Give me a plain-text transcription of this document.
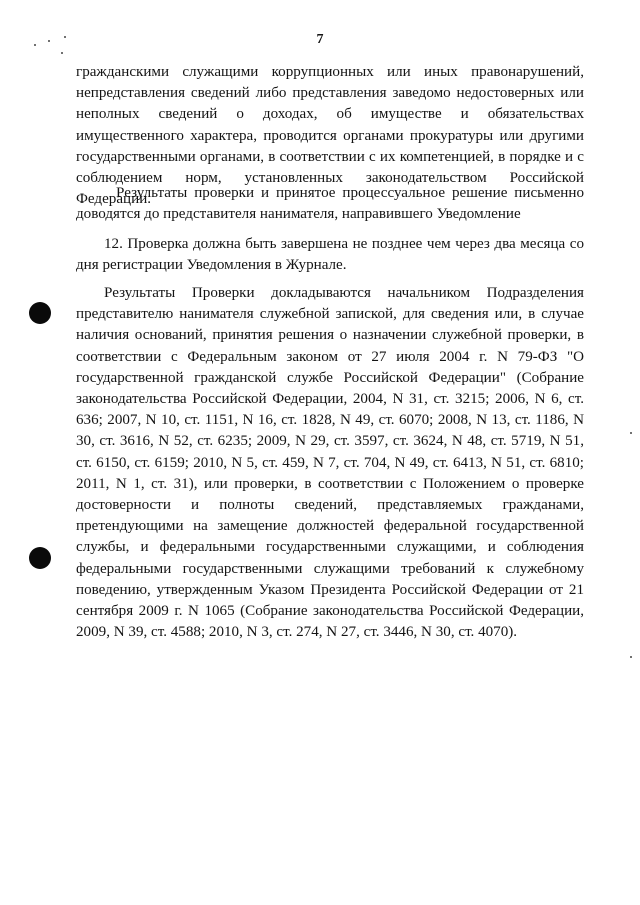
7

гражданскими служащими коррупционных или иных правонарушений, непредставления сведений либо представления заведомо недостоверных или неполных сведений о доходах, об имуществе и обязательствах имущественного характера, проводится органами прокуратуры или другими государственными органами, в соответствии с их компетенцией, в порядке и с соблюдением норм, установленных законодательством Российской Федерации.

Результаты проверки и принятое процессуальное решение письменно доводятся до представителя нанимателя, направившего Уведомление

12. Проверка должна быть завершена не позднее чем через два месяца со дня регистрации Уведомления в Журнале.

Результаты Проверки докладываются начальником Подразделения представителю нанимателя служебной запиской, для сведения или, в случае наличия оснований, принятия решения о назначении служебной проверки, в соответствии с Федеральным законом от 27 июля 2004 г. N 79-ФЗ "О государственной гражданской службе Российской Федерации" (Собрание законодательства Российской Федерации, 2004, N 31, ст. 3215; 2006, N 6, ст. 636; 2007, N 10, ст. 1151, N 16, ст. 1828, N 49, ст. 6070; 2008, N 13, ст. 1186, N 30, ст. 3616, N 52, ст. 6235; 2009, N 29, ст. 3597, ст. 3624, N 48, ст. 5719, N 51, ст. 6150, ст. 6159; 2010, N 5, ст. 459, N 7, ст. 704, N 49, ст. 6413, N 51, ст. 6810; 2011, N 1, ст. 31), или проверки, в соответствии с Положением о проверке достоверности и полноты сведений, представляемых гражданами, претендующими на замещение должностей федеральной государственной службы, и федеральными государственными служащими, и соблюдения федеральными государственными служащими требований к служебному поведению, утвержденным Указом Президента Российской Федерации от 21 сентября 2009 г. N 1065 (Собрание законодательства Российской Федерации, 2009, N 39, ст. 4588; 2010, N 3, ст. 274, N 27, ст. 3446, N 30, ст. 4070).
